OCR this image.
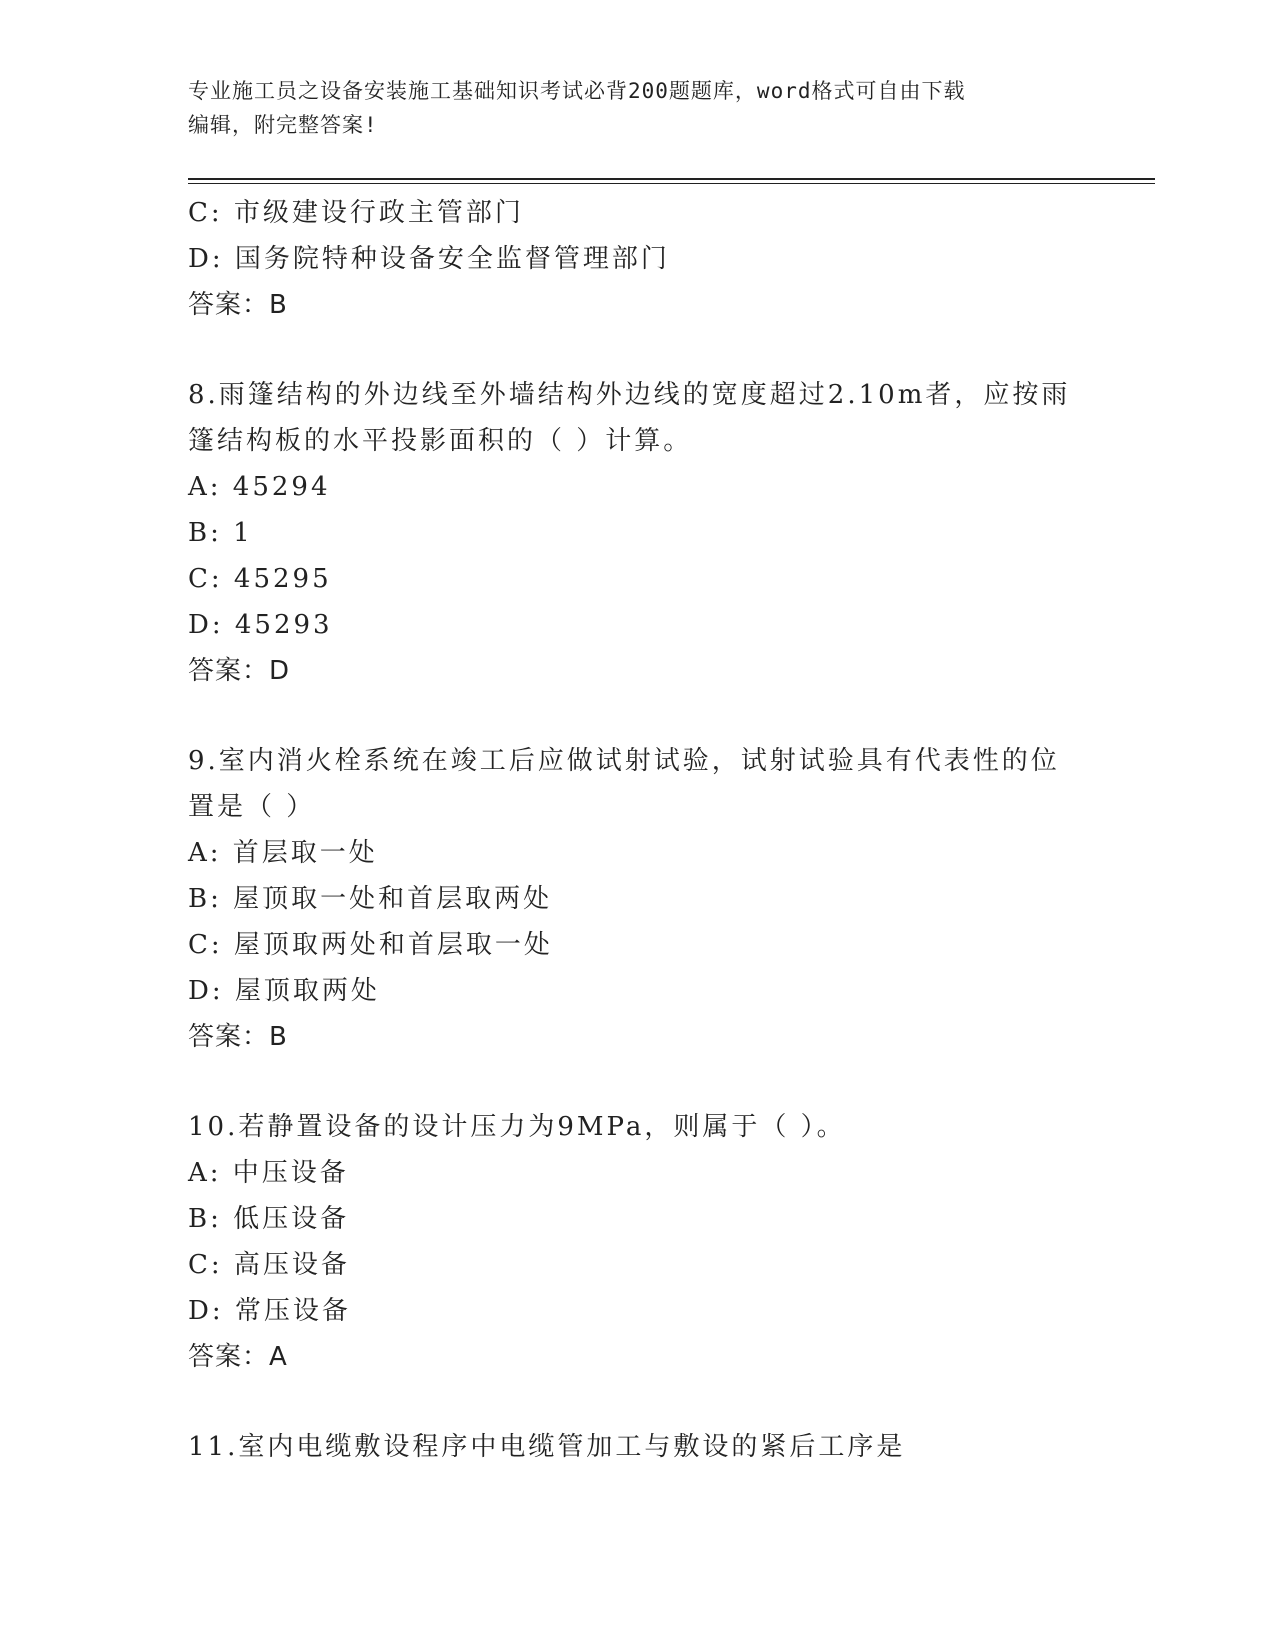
专业施工员之设备安装施工基础知识考试必背200题题库，word格式可自由下载
编辑，附完整答案!
C: 市级建设行政主管部门
D: 国务院特种设备安全监督管理部门
答案：B
8.雨篷结构的外边线至外墙结构外边线的宽度超过2.10m者，应按雨
篷结构板的水平投影面积的（ ）计算。
A: 45294
B: 1
C: 45295
D: 45293
答案：D
9.室内消火栓系统在竣工后应做试射试验，试射试验具有代表性的位
置是（ ）
A: 首层取一处
B: 屋顶取一处和首层取两处
C: 屋顶取两处和首层取一处
D: 屋顶取两处
答案：B
10.若静置设备的设计压力为9MPa，则属于（ ）。
A: 中压设备
B: 低压设备
C: 高压设备
D: 常压设备
答案：A
11.室内电缆敷设程序中电缆管加工与敷设的紧后工序是
